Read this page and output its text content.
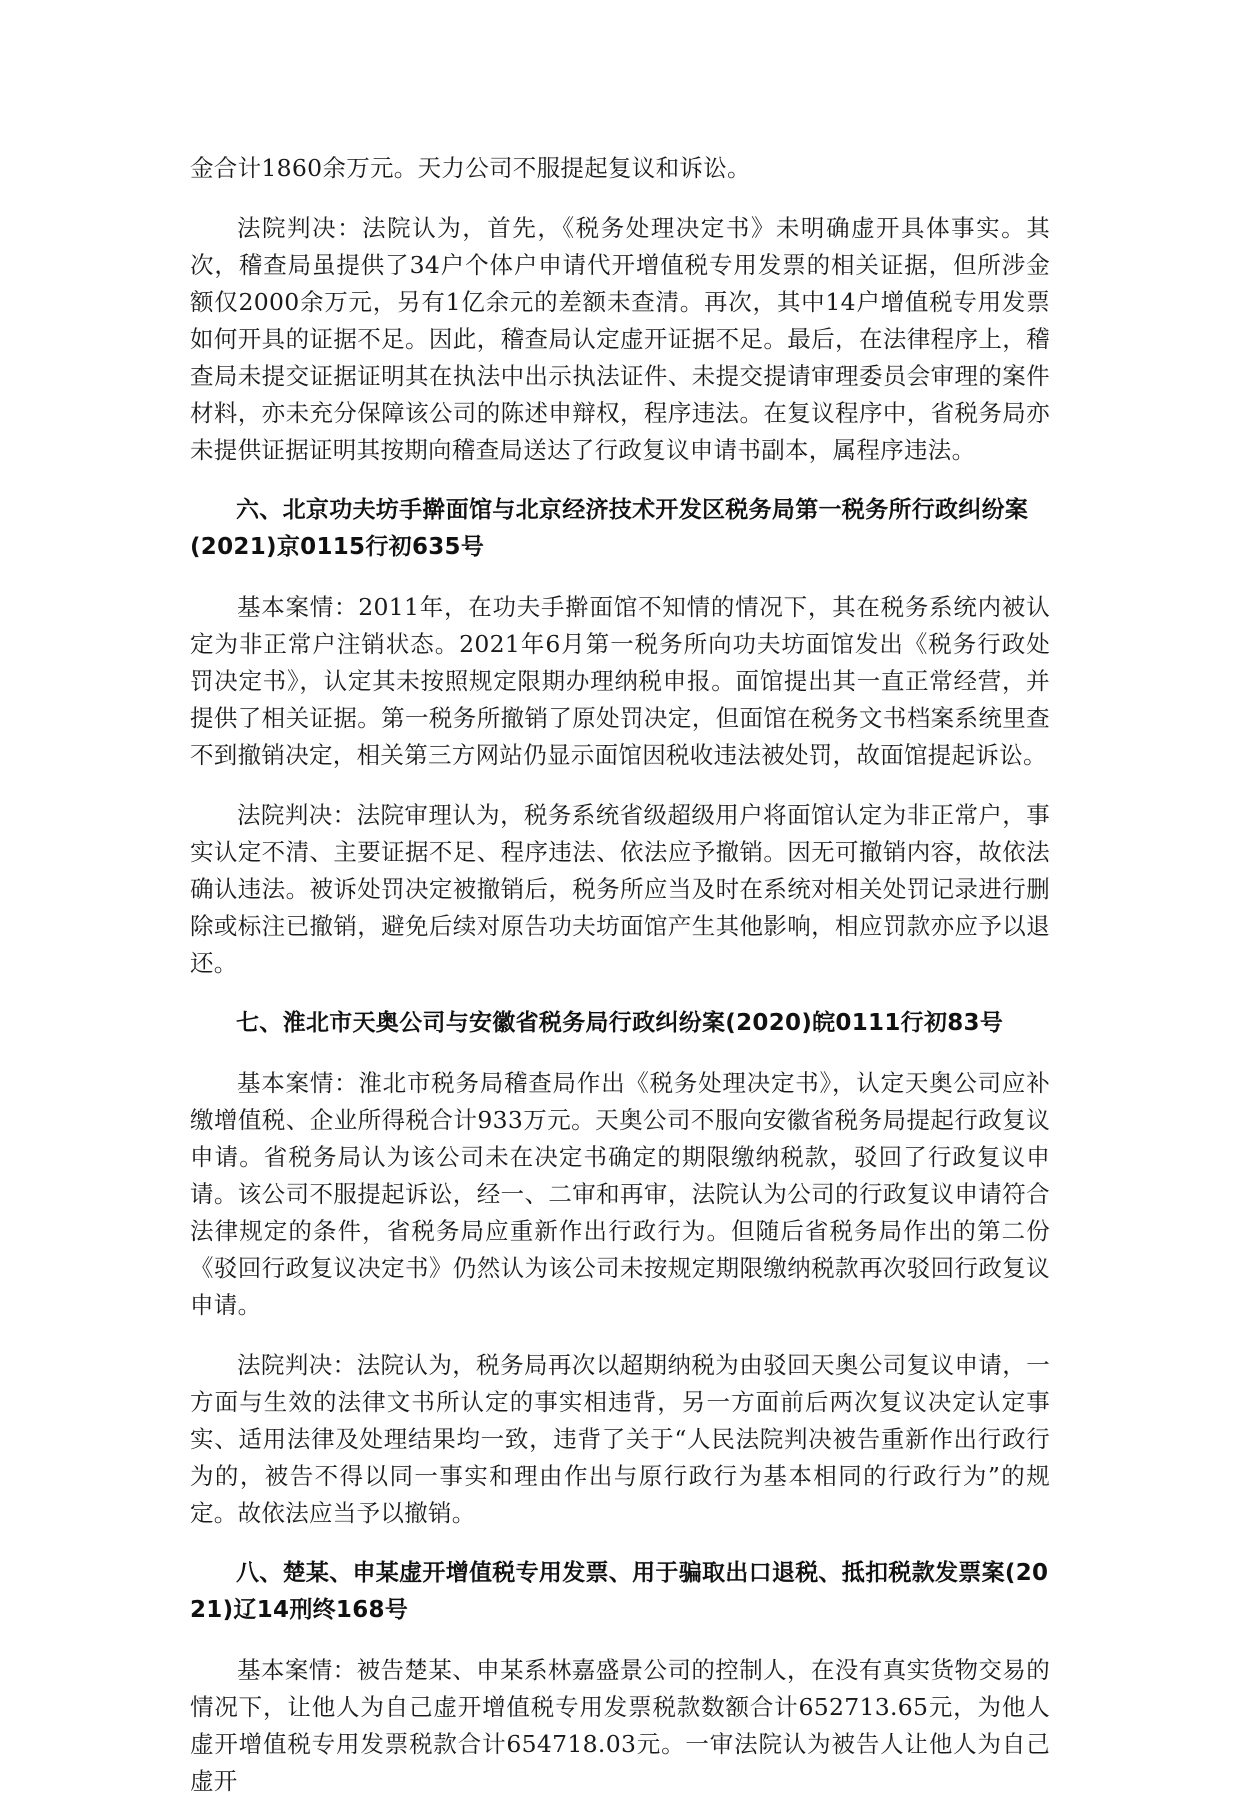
金合计1860余万元。天力公司不服提起复议和诉讼。

法院判决：法院认为，首先，《税务处理决定书》未明确虚开具体事实。其次，稽查局虽提供了34户个体户申请代开增值税专用发票的相关证据，但所涉金额仅2000余万元，另有1亿余元的差额未查清。再次，其中14户增值税专用发票如何开具的证据不足。因此，稽查局认定虚开证据不足。最后，在法律程序上，稽查局未提交证据证明其在执法中出示执法证件、未提交提请审理委员会审理的案件材料，亦未充分保障该公司的陈述申辩权，程序违法。在复议程序中，省税务局亦未提供证据证明其按期向稽查局送达了行政复议申请书副本，属程序违法。

六、北京功夫坊手擀面馆与北京经济技术开发区税务局第一税务所行政纠纷案(2021)京0115行初635号

基本案情：2011年，在功夫手擀面馆不知情的情况下，其在税务系统内被认定为非正常户注销状态。2021年6月第一税务所向功夫坊面馆发出《税务行政处罚决定书》，认定其未按照规定限期办理纳税申报。面馆提出其一直正常经营，并提供了相关证据。第一税务所撤销了原处罚决定，但面馆在税务文书档案系统里查不到撤销决定，相关第三方网站仍显示面馆因税收违法被处罚，故面馆提起诉讼。

法院判决：法院审理认为，税务系统省级超级用户将面馆认定为非正常户，事实认定不清、主要证据不足、程序违法、依法应予撤销。因无可撤销内容，故依法确认违法。被诉处罚决定被撤销后，税务所应当及时在系统对相关处罚记录进行删除或标注已撤销，避免后续对原告功夫坊面馆产生其他影响，相应罚款亦应予以退还。

七、淮北市天奥公司与安徽省税务局行政纠纷案(2020)皖0111行初83号

基本案情：淮北市税务局稽查局作出《税务处理决定书》，认定天奥公司应补缴增值税、企业所得税合计933万元。天奥公司不服向安徽省税务局提起行政复议申请。省税务局认为该公司未在决定书确定的期限缴纳税款，驳回了行政复议申请。该公司不服提起诉讼，经一、二审和再审，法院认为公司的行政复议申请符合法律规定的条件，省税务局应重新作出行政行为。但随后省税务局作出的第二份《驳回行政复议决定书》仍然认为该公司未按规定期限缴纳税款再次驳回行政复议申请。

法院判决：法院认为，税务局再次以超期纳税为由驳回天奥公司复议申请，一方面与生效的法律文书所认定的事实相违背，另一方面前后两次复议决定认定事实、适用法律及处理结果均一致，违背了关于“人民法院判决被告重新作出行政行为的，被告不得以同一事实和理由作出与原行政行为基本相同的行政行为”的规定。故依法应当予以撤销。

八、楚某、申某虚开增值税专用发票、用于骗取出口退税、抵扣税款发票案(2021)辽14刑终168号

基本案情：被告楚某、申某系林嘉盛景公司的控制人，在没有真实货物交易的情况下，让他人为自己虚开增值税专用发票税款数额合计652713.65元，为他人虚开增值税专用发票税款合计654718.03元。一审法院认为被告人让他人为自己虚开
